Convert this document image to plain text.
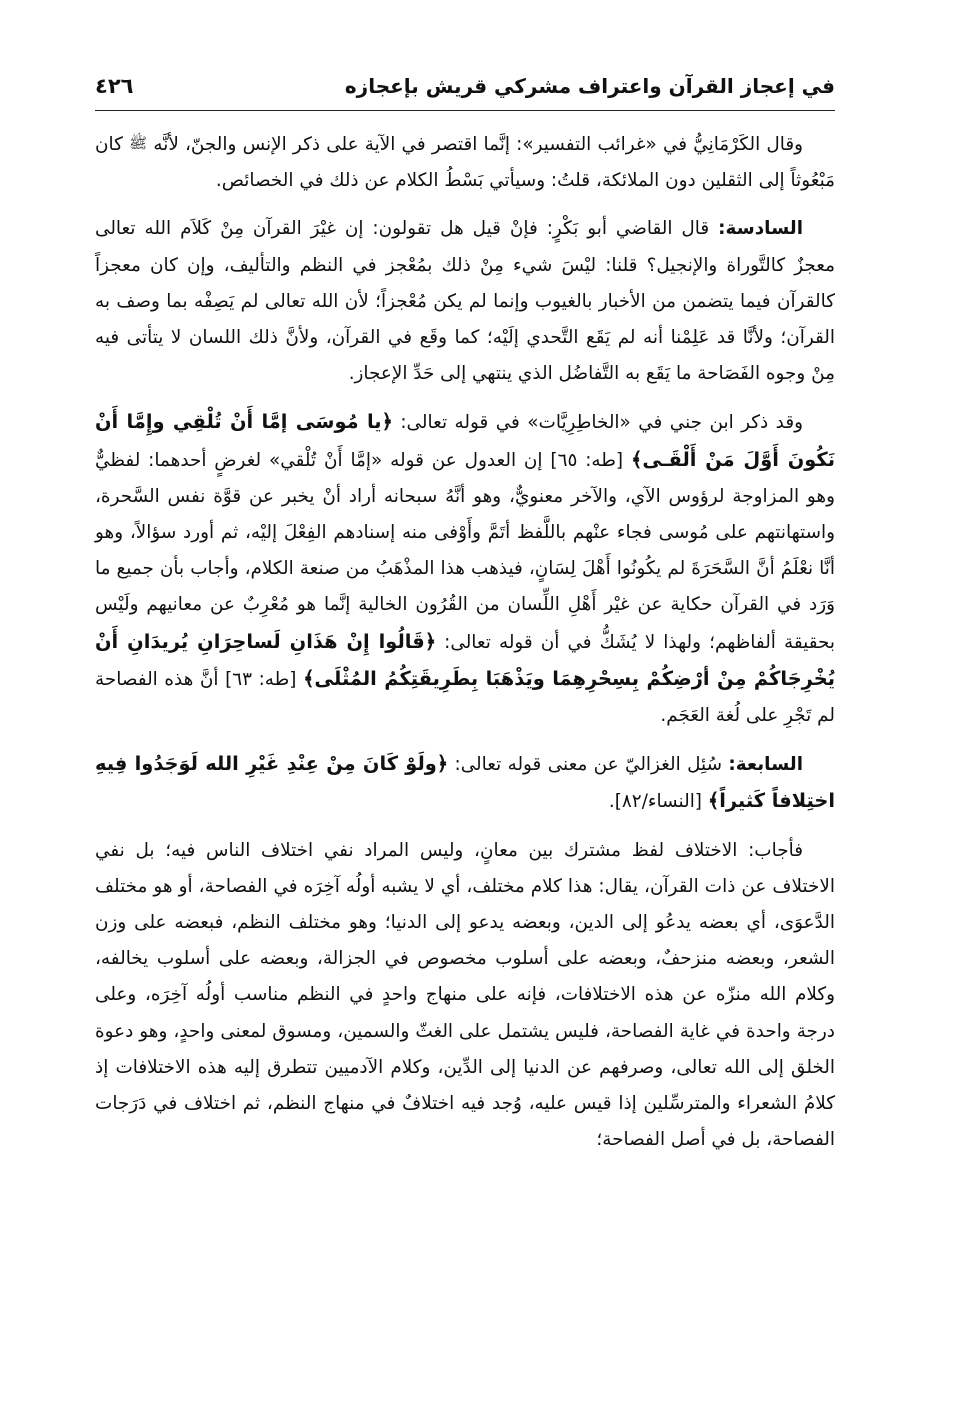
في إعجاز القرآن واعتراف مشركي قريش بإعجازه
٤٢٦

وقال الكَرْمَانِيُّ في «غرائب التفسير»: إنَّما اقتصر في الآية على ذكر الإنس والجنّ، لأنَّه ﷺ كان مَبْعُوثاً إلى الثقلين دون الملائكة، قلتُ: وسيأتي بَسْطُ الكلام عن ذلك في الخصائص.

السادسة: قال القاضي أبو بَكْرٍ: فإنْ قيل هل تقولون: إن غيْرَ القرآن مِنْ كَلاَم الله تعالى معجزٌ كالتَّوراة والإنجيل؟ قلنا: ليْسَ شيء مِنْ ذلك بمُعْجز في النظم والتأليف، وإن كان معجزاً كالقرآن فيما يتضمن من الأخبار بالغيوب وإنما لم يكن مُعْجزاً؛ لأن الله تعالى لم يَصِفْه بما وصف به القرآن؛ ولأنَّا قد عَلِمْنا أنه لم يَقَع التَّحدي إلَيْه؛ كما وقَع في القرآن، ولأنَّ ذلك اللسان لا يتأتى فيه مِنْ وجوه الفَصَاحة ما يَقَع به التَّفاضُل الذي ينتهي إلى حَدِّ الإعجاز.

وقد ذكر ابن جني في «الخاطِرِيَّات» في قوله تعالى: ﴿يا مُوسَى إمَّا أَنْ تُلْقِي وإِمَّا أَنْ نَكُونَ أَوَّلَ مَنْ أَلْقَـى﴾ [طه: ٦٥] إن العدول عن قوله «إمَّا أَنْ تُلْقي» لغرضٍ أحدهما: لفظيٌّ وهو المزاوجة لرؤوس الآي، والآخر معنويٌّ، وهو أنَّهُ سبحانه أراد أنْ يخبر عن قوَّة نفس السَّحرة، واستهانتهم على مُوسى فجاء عنْهم باللَّفظ أتَمَّ وأَوْفى منه إسنادهم الفِعْلَ إليْه، ثم أورد سؤالاً، وهو أنَّا نعْلَمُ أنَّ السَّحَرَةَ لم يكُونُوا أَهْلَ لِسَانٍ، فيذهب هذا المذْهَبُ من صنعة الكلام، وأجاب بأن جميع ما وَرَد في القرآن حكاية عن غيْر أَهْلِ اللِّسان من القُرُون الخالية إنَّما هو مُعْرِبٌ عن معانيهم ولَيْس بحقيقة ألفاظهم؛ ولهذا لا يُشَكُّ في أن قوله تعالى: ﴿قَالُوا إِنْ هَذَانِ لَساحِرَانِ يُريدَانِ أَنْ يُخْرِجَاكُمْ مِنْ أرْضِكُمْ بِسِحْرِهِمَا ويَذْهَبَا بِطَرِيقَتِكُمُ المُثْلَى﴾ [طه: ٦٣] أنَّ هذه الفصاحة لم تَجْرِ على لُغة العَجَم.

السابعة: سُئِل الغزاليّ عن معنى قوله تعالى: ﴿ولَوْ كَانَ مِنْ عِنْدِ غَيْرِ الله لَوَجَدُوا فِيهِ اختِلافاً كَثيراً﴾ [النساء/٨٢].

فأجاب: الاختلاف لفظ مشترك بين معانٍ، وليس المراد نفي اختلاف الناس فيه؛ بل نفي الاختلاف عن ذات القرآن، يقال: هذا كلام مختلف، أي لا يشبه أولُه آخِرَه في الفصاحة، أو هو مختلف الدَّعوَى، أي بعضه يدعُو إلى الدين، وبعضه يدعو إلى الدنيا؛ وهو مختلف النظم، فبعضه على وزن الشعر، وبعضه منزحفٌ، وبعضه على أسلوب مخصوص في الجزالة، وبعضه على أسلوب يخالفه، وكلام الله منزّه عن هذه الاختلافات، فإنه على منهاج واحدٍ في النظم مناسب أولُه آخِرَه، وعلى درجة واحدة في غاية الفصاحة، فليس يشتمل على الغثّ والسمين، ومسوق لمعنى واحدٍ، وهو دعوة الخلق إلى الله تعالى، وصرفهم عن الدنيا إلى الدِّين، وكلام الآدميين تتطرق إليه هذه الاختلافات إذ كلامُ الشعراء والمترسِّلين إذا قيس عليه، وُجد فيه اختلافٌ في منهاج النظم، ثم اختلاف في دَرَجات الفصاحة، بل في أصل الفصاحة؛
